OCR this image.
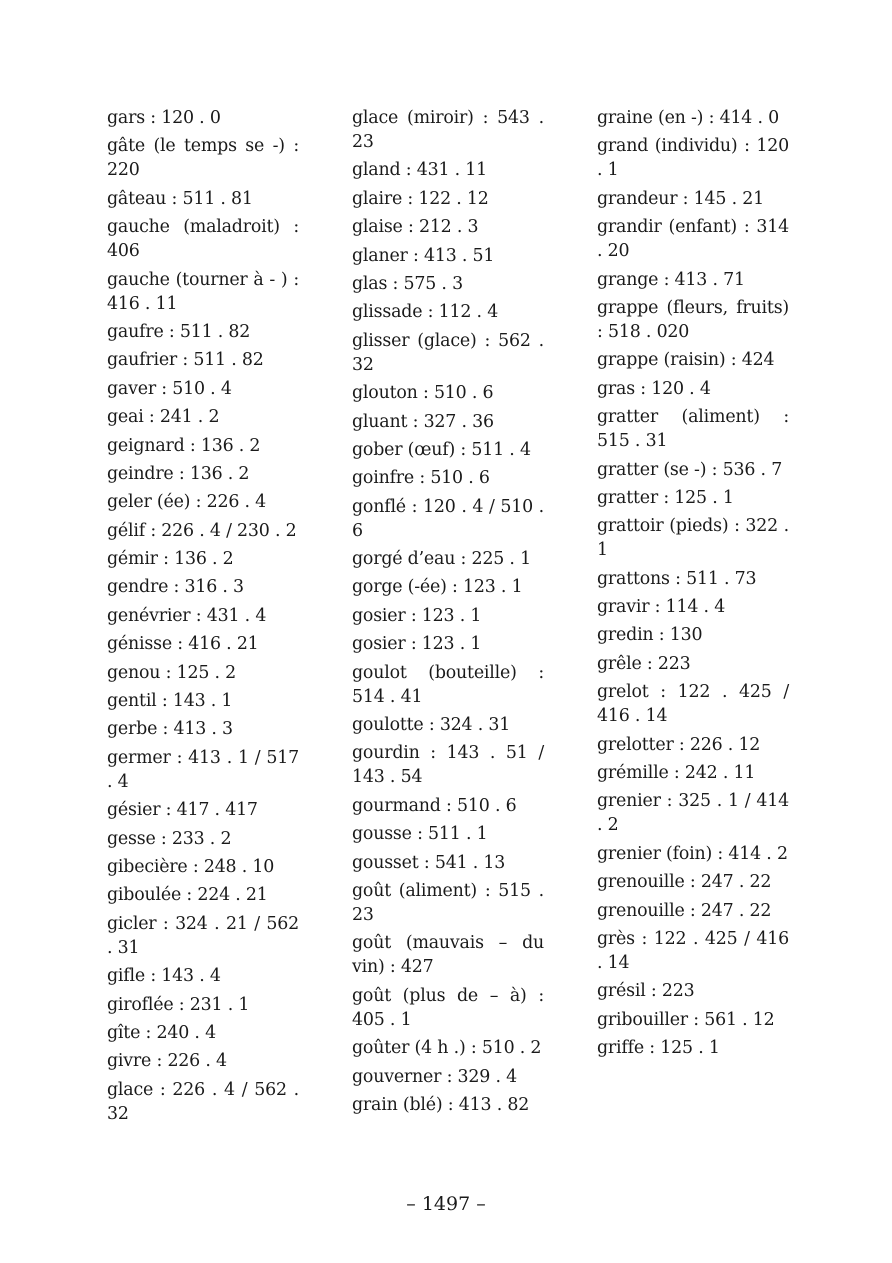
gars : 120 . 0
gâte (le temps se -) : 220
gâteau : 511 . 81
gauche (maladroit) : 406
gauche (tourner à - ) : 416 . 11
gaufre : 511 . 82
gaufrier : 511 . 82
gaver : 510 . 4
geai : 241 . 2
geignard : 136 . 2
geindre : 136 . 2
geler (ée) : 226 . 4
gélif : 226 . 4 / 230 . 2
gémir : 136 . 2
gendre : 316 . 3
genévrier : 431 . 4
génisse : 416 . 21
genou : 125 . 2
gentil : 143 . 1
gerbe : 413 . 3
germer : 413 . 1 / 517 . 4
gésier : 417 . 417
gesse : 233 . 2
gibecière : 248 . 10
giboulée : 224 . 21
gicler : 324 . 21 / 562 . 31
gifle : 143 . 4
giroflée : 231 . 1
gîte : 240 . 4
givre : 226 . 4
glace : 226 . 4 / 562 . 32
glace (miroir) : 543 . 23
gland : 431 . 11
glaire : 122 . 12
glaise : 212 . 3
glaner : 413 . 51
glas : 575 . 3
glissade : 112 . 4
glisser (glace) : 562 . 32
glouton : 510 . 6
gluant : 327 . 36
gober (œuf) : 511 . 4
goinfre : 510 . 6
gonflé : 120 . 4 / 510 . 6
gorgé d’eau : 225 . 1
gorge (-ée) : 123 . 1
gosier : 123 . 1
gosier : 123 . 1
goulot (bouteille) : 514 . 41
goulotte : 324 . 31
gourdin : 143 . 51 / 143 . 54
gourmand : 510 . 6
gousse : 511 . 1
gousset : 541 . 13
goût (aliment) : 515 . 23
goût (mauvais – du vin) : 427
goût (plus de – à) : 405 . 1
goûter (4 h .) : 510 . 2
gouverner : 329 . 4
grain (blé) : 413 . 82
graine (en -) : 414 . 0
grand (individu) : 120 . 1
grandeur : 145 . 21
grandir (enfant) : 314 . 20
grange : 413 . 71
grappe (fleurs, fruits) : 518 . 020
grappe (raisin) : 424
gras : 120 . 4
gratter (aliment) : 515 . 31
gratter (se -) : 536 . 7
gratter : 125 . 1
grattoir (pieds) : 322 . 1
grattons : 511 . 73
gravir : 114 . 4
gredin : 130
grêle : 223
grelot : 122 . 425 / 416 . 14
grelotter : 226 . 12
grémille : 242 . 11
grenier : 325 . 1 / 414 . 2
grenier (foin) : 414 . 2
grenouille : 247 . 22
grenouille : 247 . 22
grès : 122 . 425 / 416 . 14
grésil : 223
gribouiller : 561 . 12
griffe : 125 . 1
– 1497 –
